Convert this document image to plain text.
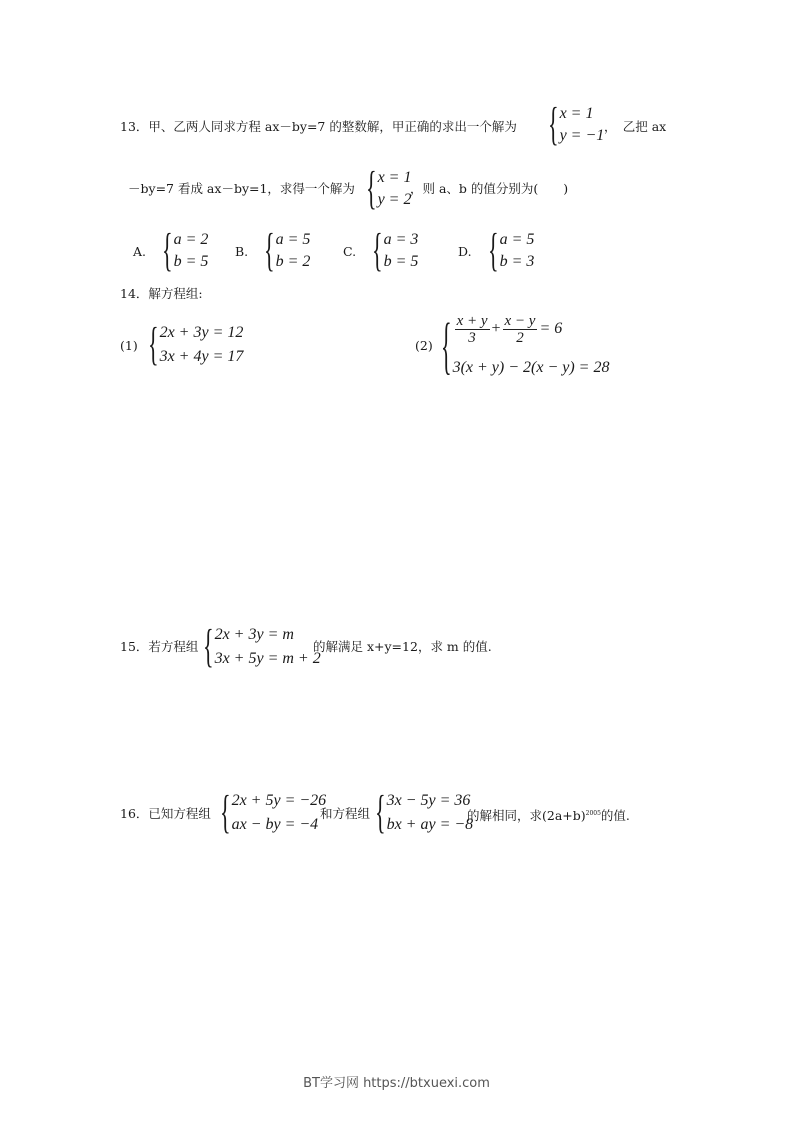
13．甲、乙两人同求方程 ax－by=7 的整数解，甲正确的求出一个解为 { x = 1
y = −1
，　乙把 ax
－by=7 看成 ax－by=1，求得一个解为 { x = 1
y = 2
，则 a、b 的值分别为(　　)
A. { a = 2
b = 5
B. { a = 5
b = 2
C. { a = 3
b = 5
D. { a = 5
b = 3
14．解方程组:
(1) { 2x + 3y = 12
3x + 4y = 17
(2) { $\frac{x + y}{3} + \frac{x - y}{2} = 6$
3(x + y) − 2(x − y) = 28
15．若方程组 { 2x + 3y = m
3x + 5y = m + 2
的解满足 x+y=12，求 m 的值.
16．已知方程组 { 2x + 5y = −26
ax − by = −4
和方程组 { 3x − 5y = 36
bx + ay = −8
的解相同，求$(2a+b)^{2005}$的值.
BT学习网 https://btxuexi.com
